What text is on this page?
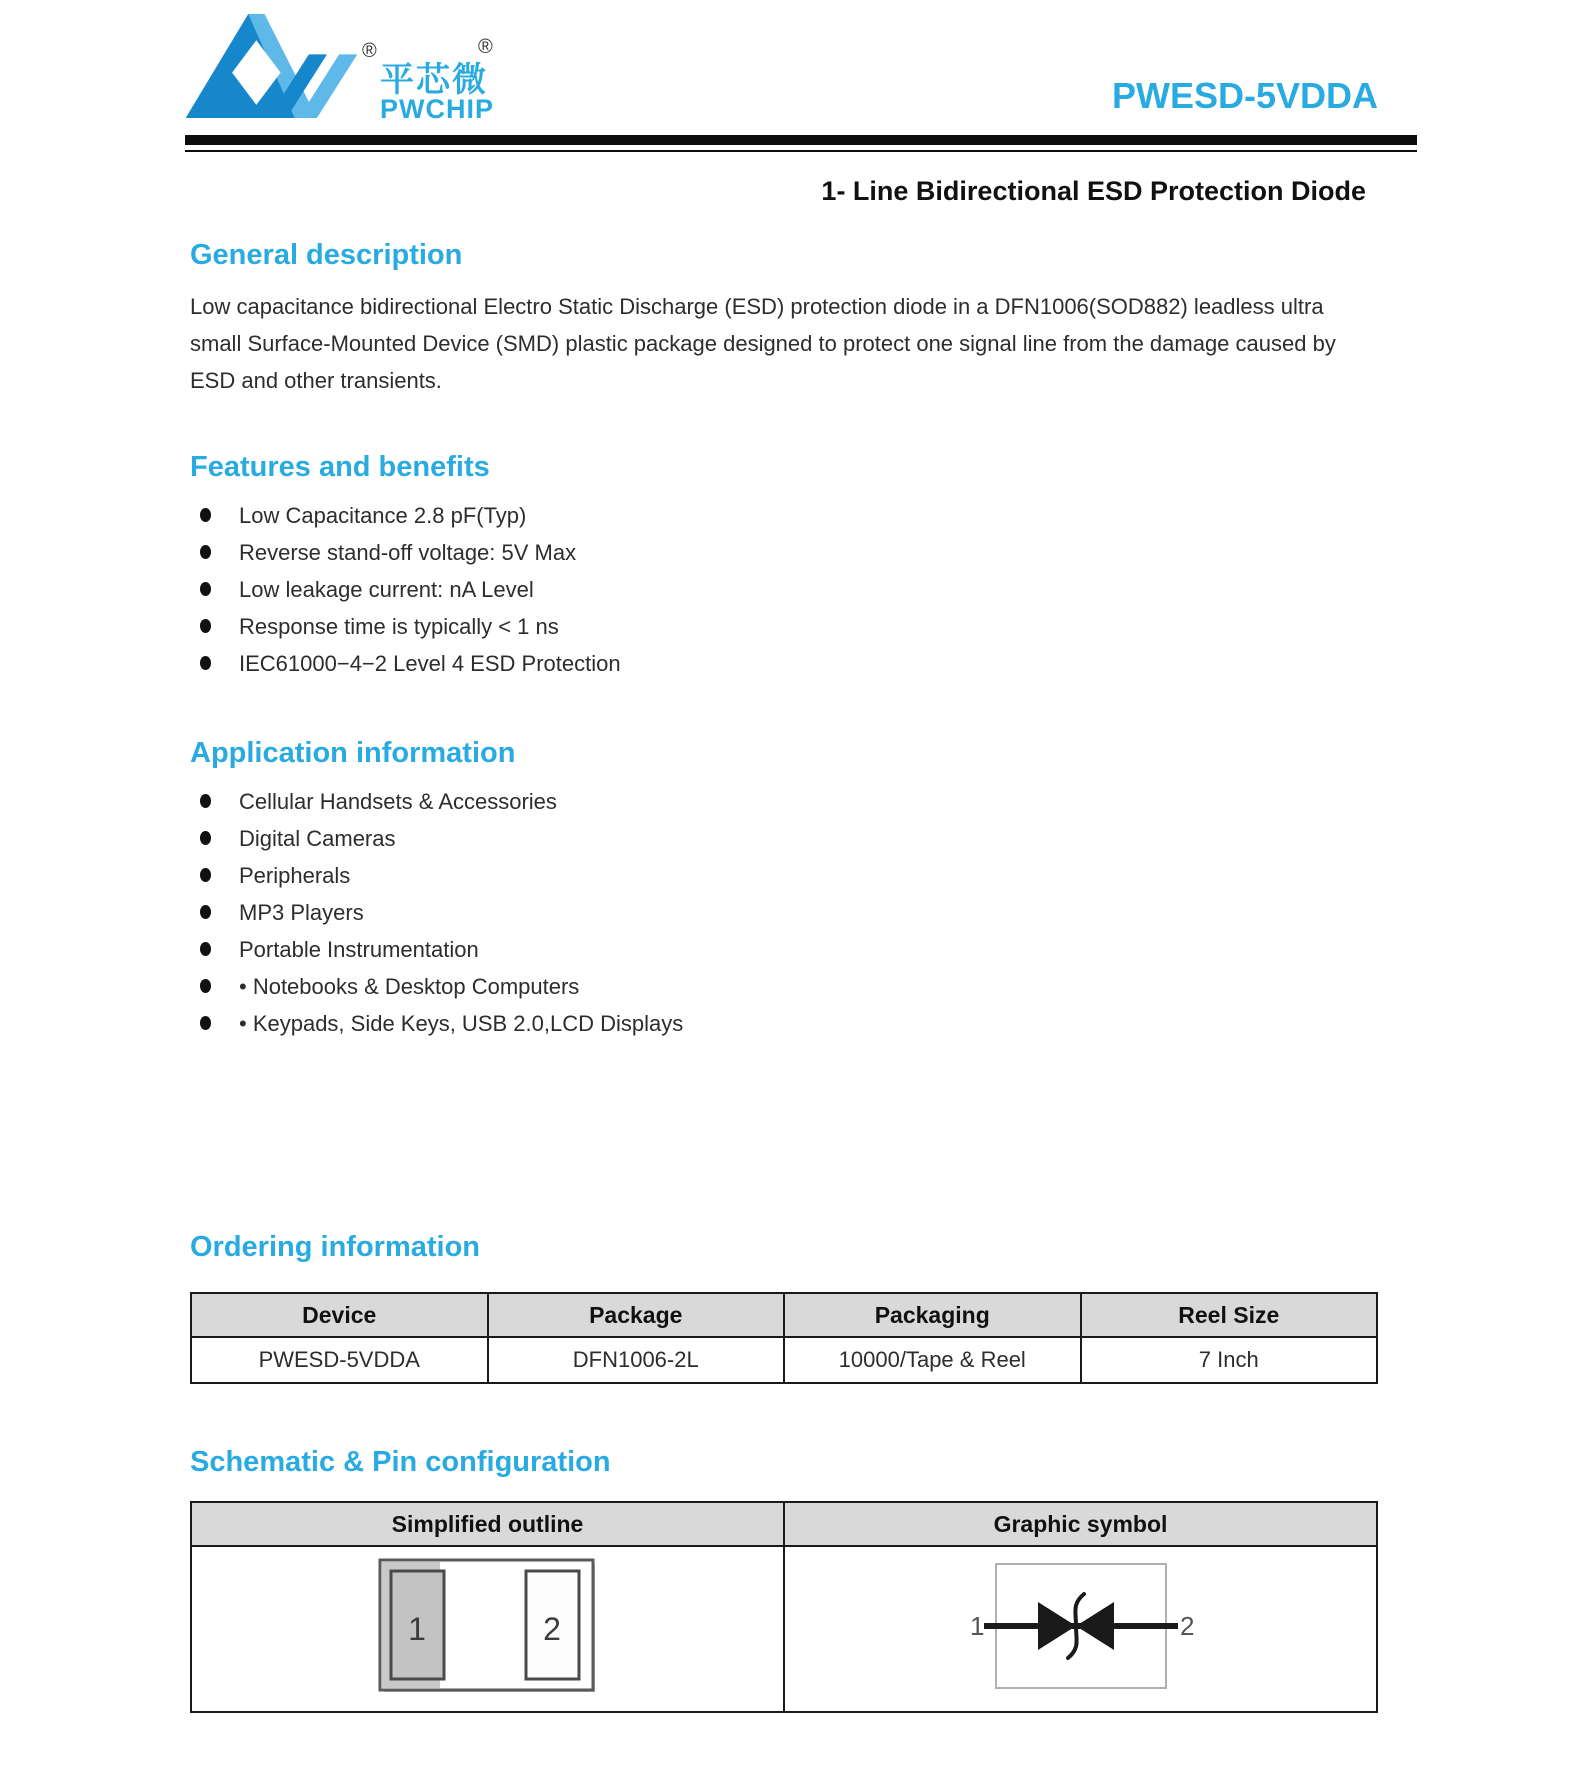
®
平芯微
®
PWCHIP	PWESD-5VDDA
1- Line Bidirectional ESD Protection Diode
General description

Low capacitance bidirectional Electro Static Discharge (ESD) protection diode in a DFN1006(SOD882) leadless ultra small Surface-Mounted Device (SMD) plastic package designed to protect one signal line from the damage caused by ESD and other transients.

Features and benefits
Low Capacitance 2.8 pF(Typ)
Reverse stand-off voltage: 5V Max
Low leakage current: nA Level
Response time is typically < 1 ns
IEC61000−4−2 Level 4 ESD Protection
Application information
Cellular Handsets & Accessories
Digital Cameras
Peripherals
MP3 Players
Portable Instrumentation
• Notebooks & Desktop Computers
• Keypads, Side Keys, USB 2.0,LCD Displays
Ordering information
Device	Package	Packaging	Reel Size
PWESD-5VDDA	DFN1006-2L	10000/Tape & Reel	7 Inch
Schematic & Pin configuration
Simplified outline	Graphic symbol

1 2	1 2
